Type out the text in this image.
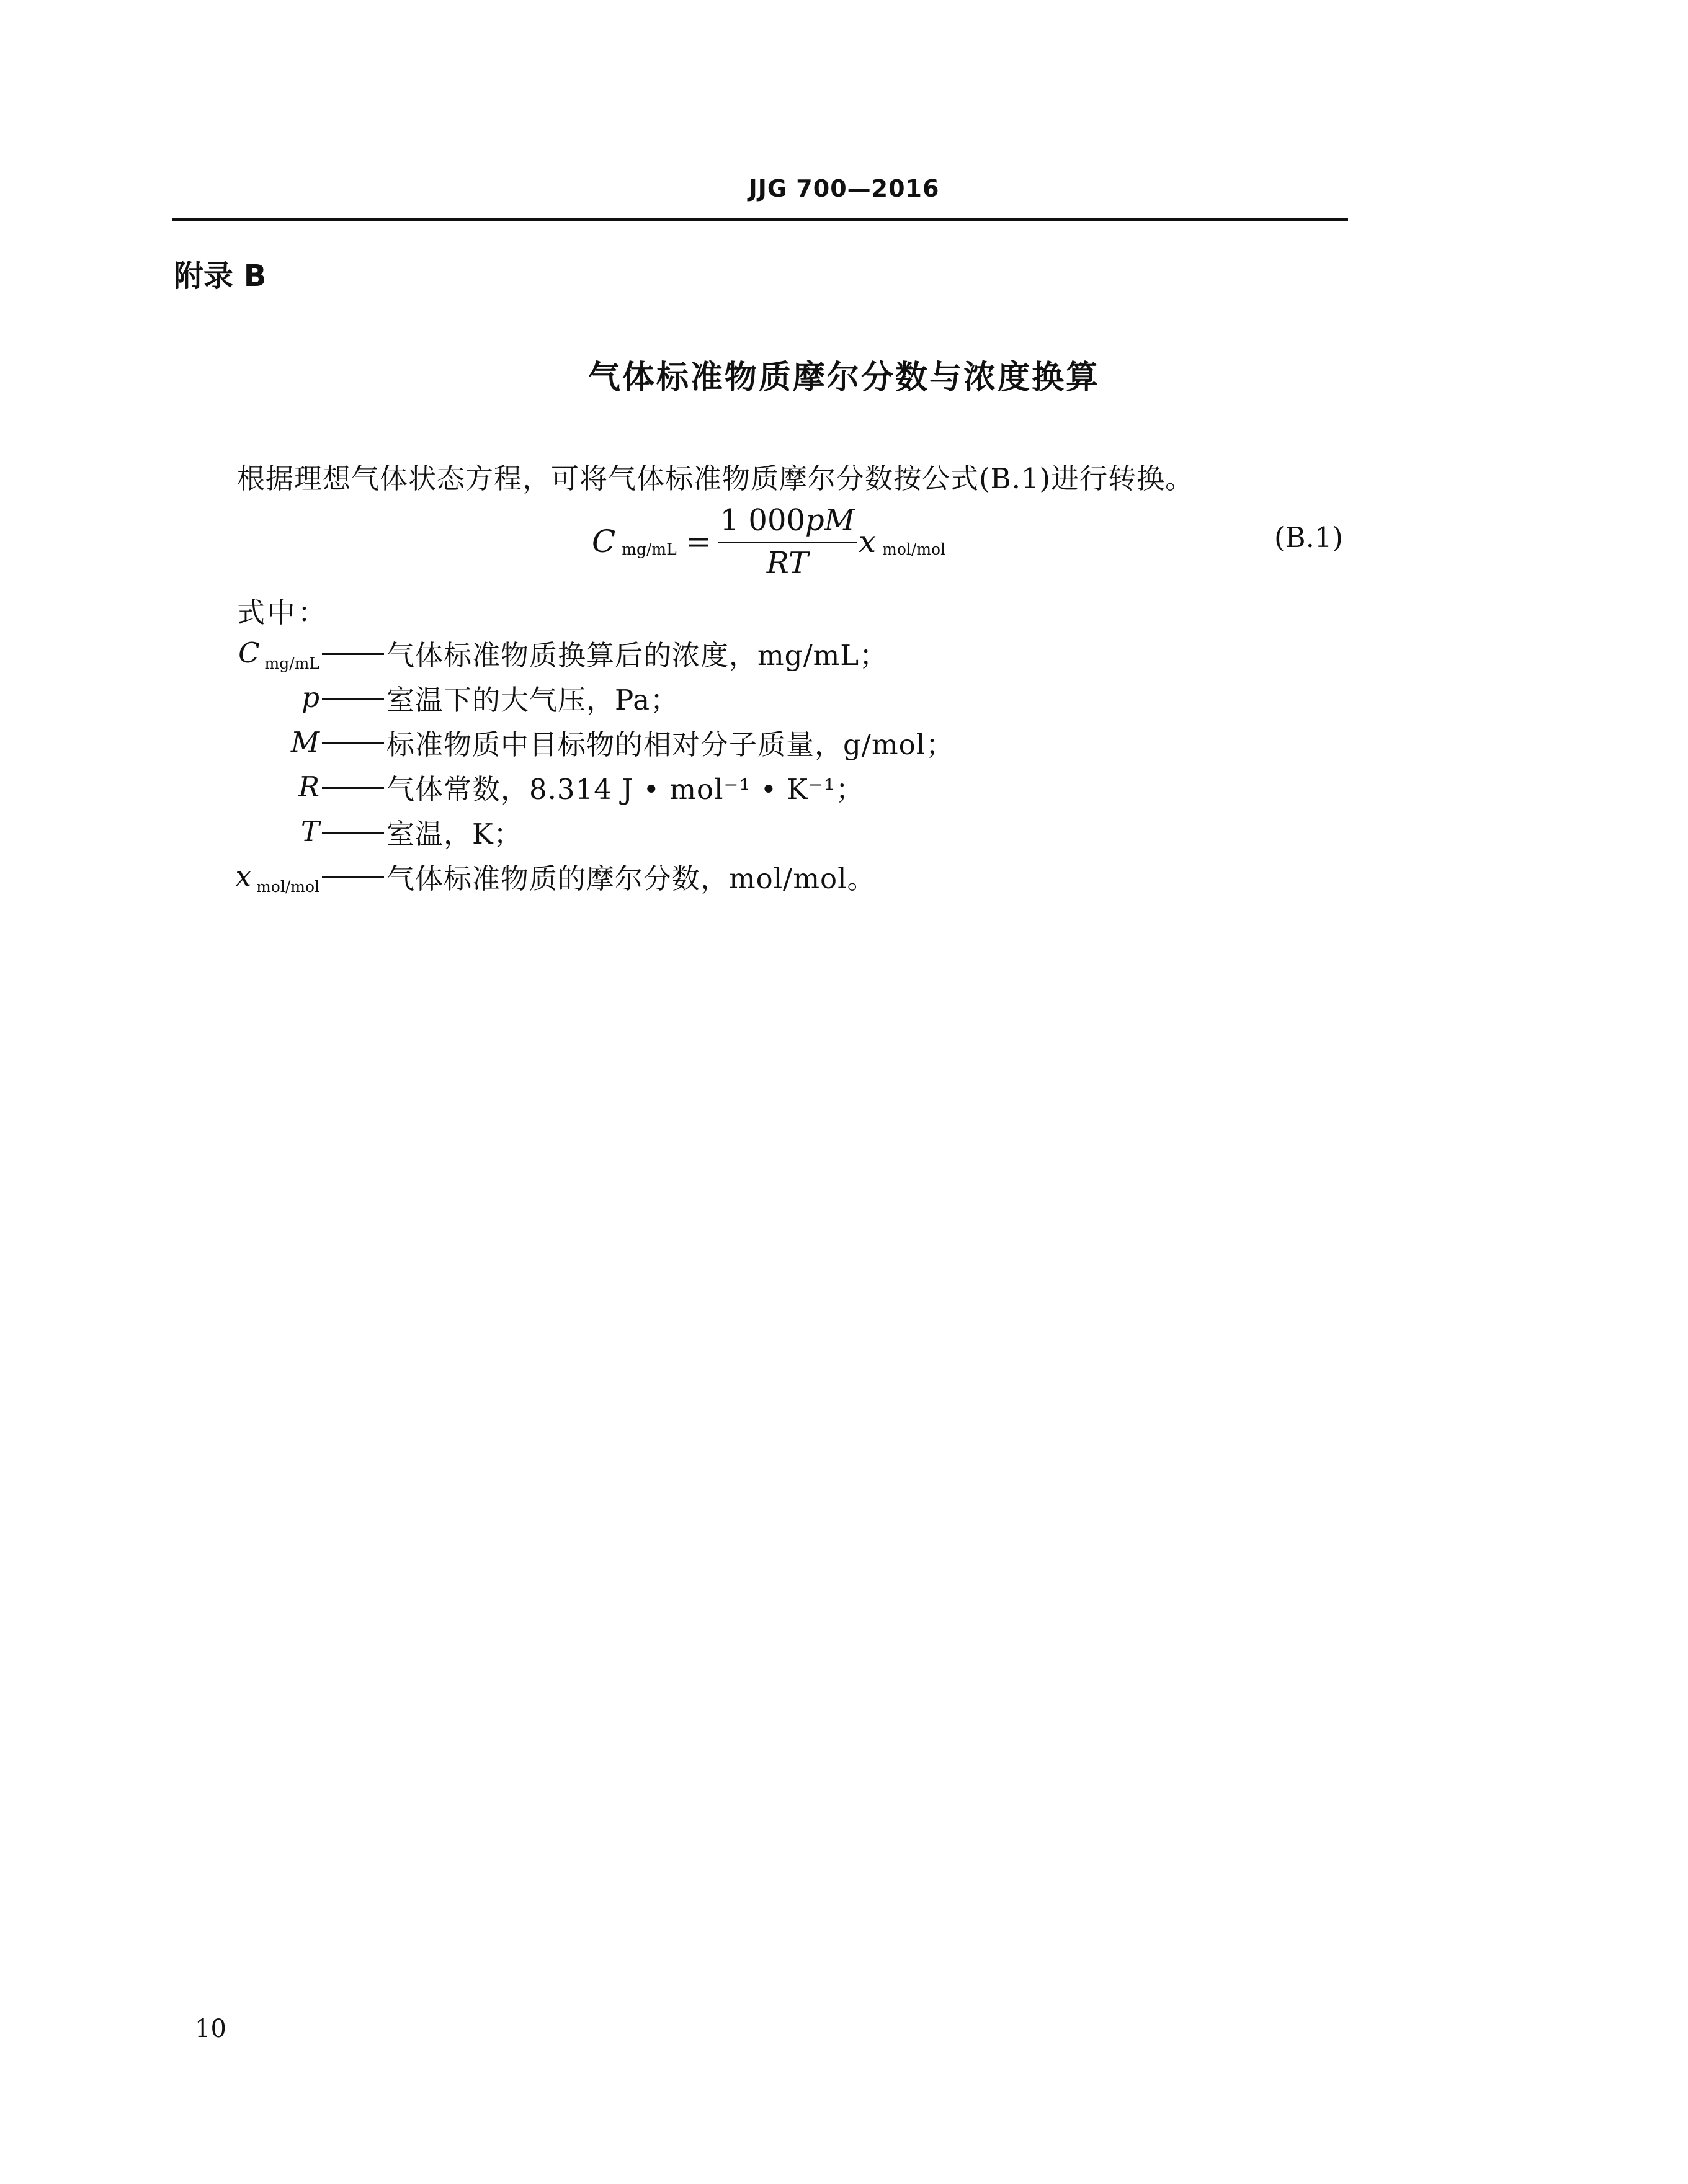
JJG 700—2016
附录 B
气体标准物质摩尔分数与浓度换算
根据理想气体状态方程，可将气体标准物质摩尔分数按公式(B.1)进行转换。
C $mg/mL = \frac{1 000pM}{RT}$ x mol/mol	(B.1)
式中：
C $_{mg/mL}$ 气体标准物质换算后的浓度，mg/mL；
p 室温下的大气压，Pa；
M 标准物质中目标物的相对分子质量，g/mol；
R 气体常数，8.314 J • mol⁻¹ • K⁻¹；
T 室温，K；
x $_{mol/mol}$ 气体标准物质的摩尔分数，mol/mol。
10
